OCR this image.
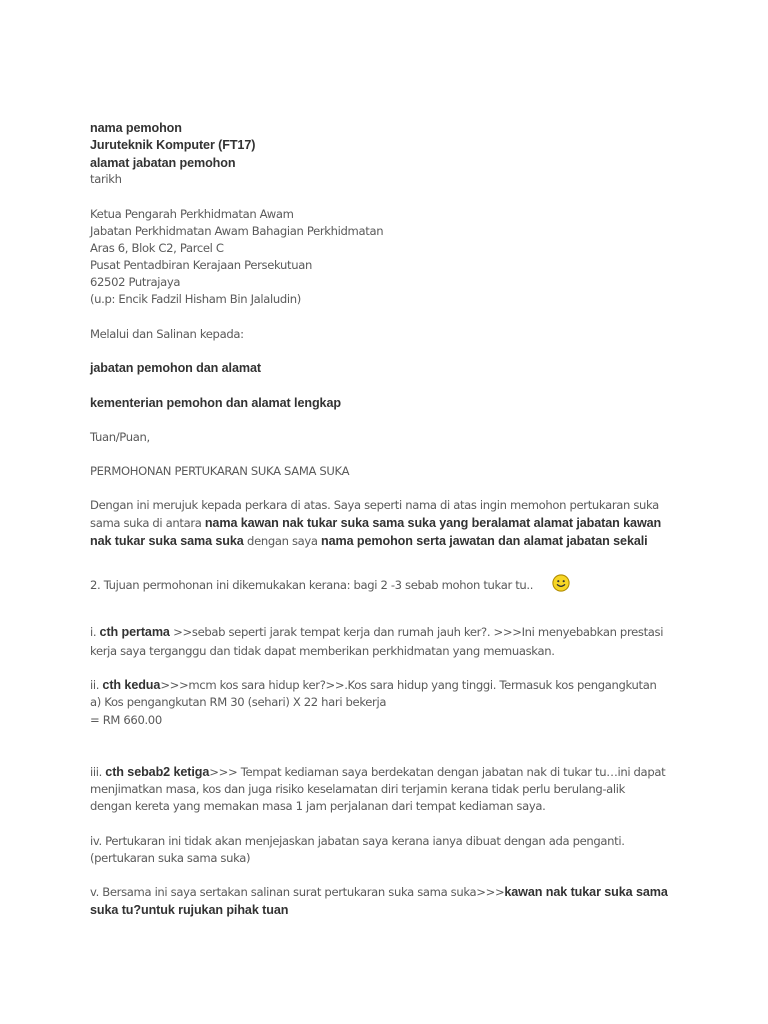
nama pemohon
Juruteknik Komputer (FT17)
alamat jabatan pemohon
tarikh
Ketua Pengarah Perkhidmatan Awam
Jabatan Perkhidmatan Awam Bahagian Perkhidmatan
Aras 6, Blok C2, Parcel C
Pusat Pentadbiran Kerajaan Persekutuan
62502 Putrajaya
(u.p: Encik Fadzil Hisham Bin Jalaludin)
Melalui dan Salinan kepada:
jabatan pemohon dan alamat
kementerian pemohon dan alamat lengkap
Tuan/Puan,
PERMOHONAN PERTUKARAN SUKA SAMA SUKA
Dengan ini merujuk kepada perkara di atas. Saya seperti nama di atas ingin memohon pertukaran suka
sama suka di antara nama kawan nak tukar suka sama suka yang beralamat alamat jabatan kawan
nak tukar suka sama suka dengan saya nama pemohon serta jawatan dan alamat jabatan sekali
2. Tujuan permohonan ini dikemukakan kerana: bagi 2 -3 sebab mohon tukar tu..
i. cth pertama >>sebab seperti jarak tempat kerja dan rumah jauh ker?. >>>Ini menyebabkan prestasi
kerja saya terganggu dan tidak dapat memberikan perkhidmatan yang memuaskan.
ii. cth kedua>>>mcm kos sara hidup ker?>>.Kos sara hidup yang tinggi. Termasuk kos pengangkutan
a) Kos pengangkutan RM 30 (sehari) X 22 hari bekerja
= RM 660.00
iii. cth sebab2 ketiga>>> Tempat kediaman saya berdekatan dengan jabatan nak di tukar tu…ini dapat
menjimatkan masa, kos dan juga risiko keselamatan diri terjamin kerana tidak perlu berulang-alik
dengan kereta yang memakan masa 1 jam perjalanan dari tempat kediaman saya.
iv. Pertukaran ini tidak akan menjejaskan jabatan saya kerana ianya dibuat dengan ada penganti.
(pertukaran suka sama suka)
v. Bersama ini saya sertakan salinan surat pertukaran suka sama suka>>>kawan nak tukar suka sama
suka tu?untuk rujukan pihak tuan
